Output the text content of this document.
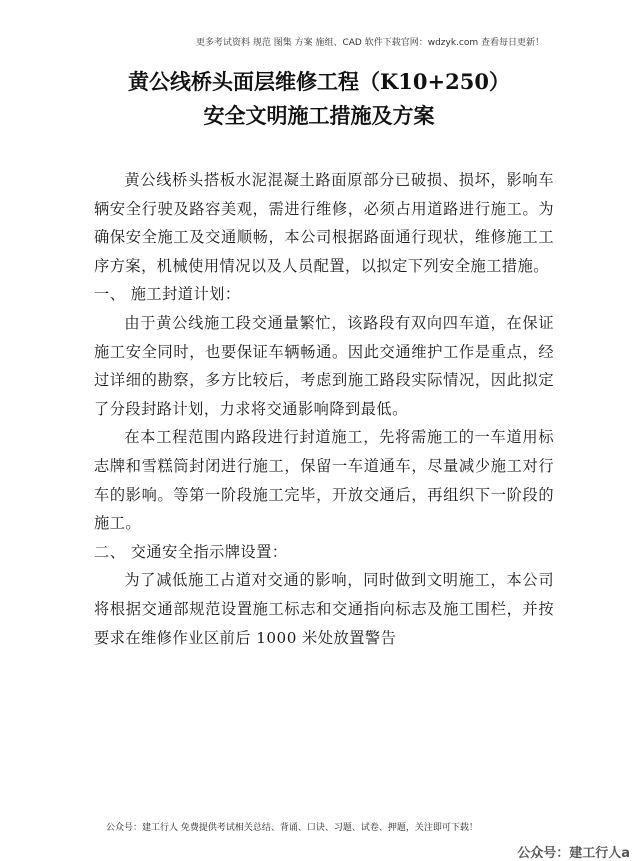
更多考试资料 规范 图集 方案 施组、CAD 软件下载官网：wdzyk.com 查看每日更新！
黄公线桥头面层维修工程（K10+250）
安全文明施工措施及方案

黄公线桥头搭板水泥混凝土路面原部分已破损、损坏，影响车辆安全行驶及路容美观，需进行维修，必须占用道路进行施工。为确保安全施工及交通顺畅，本公司根据路面通行现状，维修施工工序方案，机械使用情况以及人员配置，以拟定下列安全施工措施。

一、 施工封道计划：

由于黄公线施工段交通量繁忙，该路段有双向四车道，在保证施工安全同时，也要保证车辆畅通。因此交通维护工作是重点，经过详细的勘察，多方比较后，考虑到施工路段实际情况，因此拟定了分段封路计划，力求将交通影响降到最低。

在本工程范围内路段进行封道施工，先将需施工的一车道用标志牌和雪糕筒封闭进行施工，保留一车道通车，尽量减少施工对行车的影响。等第一阶段施工完毕，开放交通后，再组织下一阶段的施工。

二、 交通安全指示牌设置：

为了减低施工占道对交通的影响，同时做到文明施工，本公司将根据交通部规范设置施工标志和交通指向标志及施工围栏，并按要求在维修作业区前后 1000 米处放置警告

公众号：建工行人 免费提供考试相关总结、背诵、口诀、习题、试卷、押题，关注即可下载！
公众号：建工行人a
